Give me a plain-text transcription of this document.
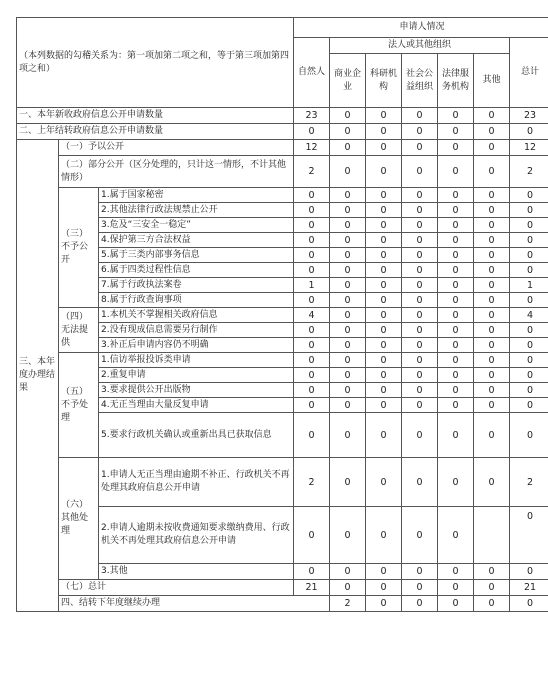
（本列数据的勾稽关系为：第一项加第二项之和，等于第三项加第四项之和）			申请人情况							
			自然人	法人或其他组织					总计	
				商业企业	科研机构	社会公益组织	法律服务机构	其他		
一、本年新收政府信息公开申请数量			23	0	0	0	0	0	23	
二、上年结转政府信息公开申请数量			0	0	0	0	0	0	0	
三、本年度办理结果	（一）予以公开		12	0	0	0	0	0	12	
	（二）部分公开（区分处理的，只计这一情形，不计其他情形）		2	0	0	0	0	0	2	
	（三）不予公开	1.属于国家秘密	0	0	0	0	0	0	0	
		2.其他法律行政法规禁止公开	0	0	0	0	0	0	0	
		3.危及“三安全一稳定”	0	0	0	0	0	0	0	
		4.保护第三方合法权益	0	0	0	0	0	0	0	
		5.属于三类内部事务信息	0	0	0	0	0	0	0	
		6.属于四类过程性信息	0	0	0	0	0	0	0	
		7.属于行政执法案卷	1	0	0	0	0	0	1	
		8.属于行政查询事项	0	0	0	0	0	0	0	
	（四）无法提供	1.本机关不掌握相关政府信息	4	0	0	0	0	0	4	
		2.没有现成信息需要另行制作	0	0	0	0	0	0	0	
		3.补正后申请内容仍不明确	0	0	0	0	0	0	0	
	（五）不予处理	1.信访举报投诉类申请	0	0	0	0	0	0	0	
		2.重复申请	0	0	0	0	0	0	0	
		3.要求提供公开出版物	0	0	0	0	0	0	0	
		4.无正当理由大量反复申请	0	0	0	0	0	0	0	
		5.要求行政机关确认或重新出具已获取信息	0	0	0	0	0	0	0	
	（六）其他处理	1.申请人无正当理由逾期不补正、行政机关不再处理其政府信息公开申请	2	0	0	0	0	0	2	
		2.申请人逾期未按收费通知要求缴纳费用、行政机关不再处理其政府信息公开申请	0	0	0	0	0		0	
		3.其他	0	0	0	0	0	0	0	
	（七）总计		21	0	0	0	0	0	21	
	四、结转下年度继续办理			2	0	0	0	0	0	
